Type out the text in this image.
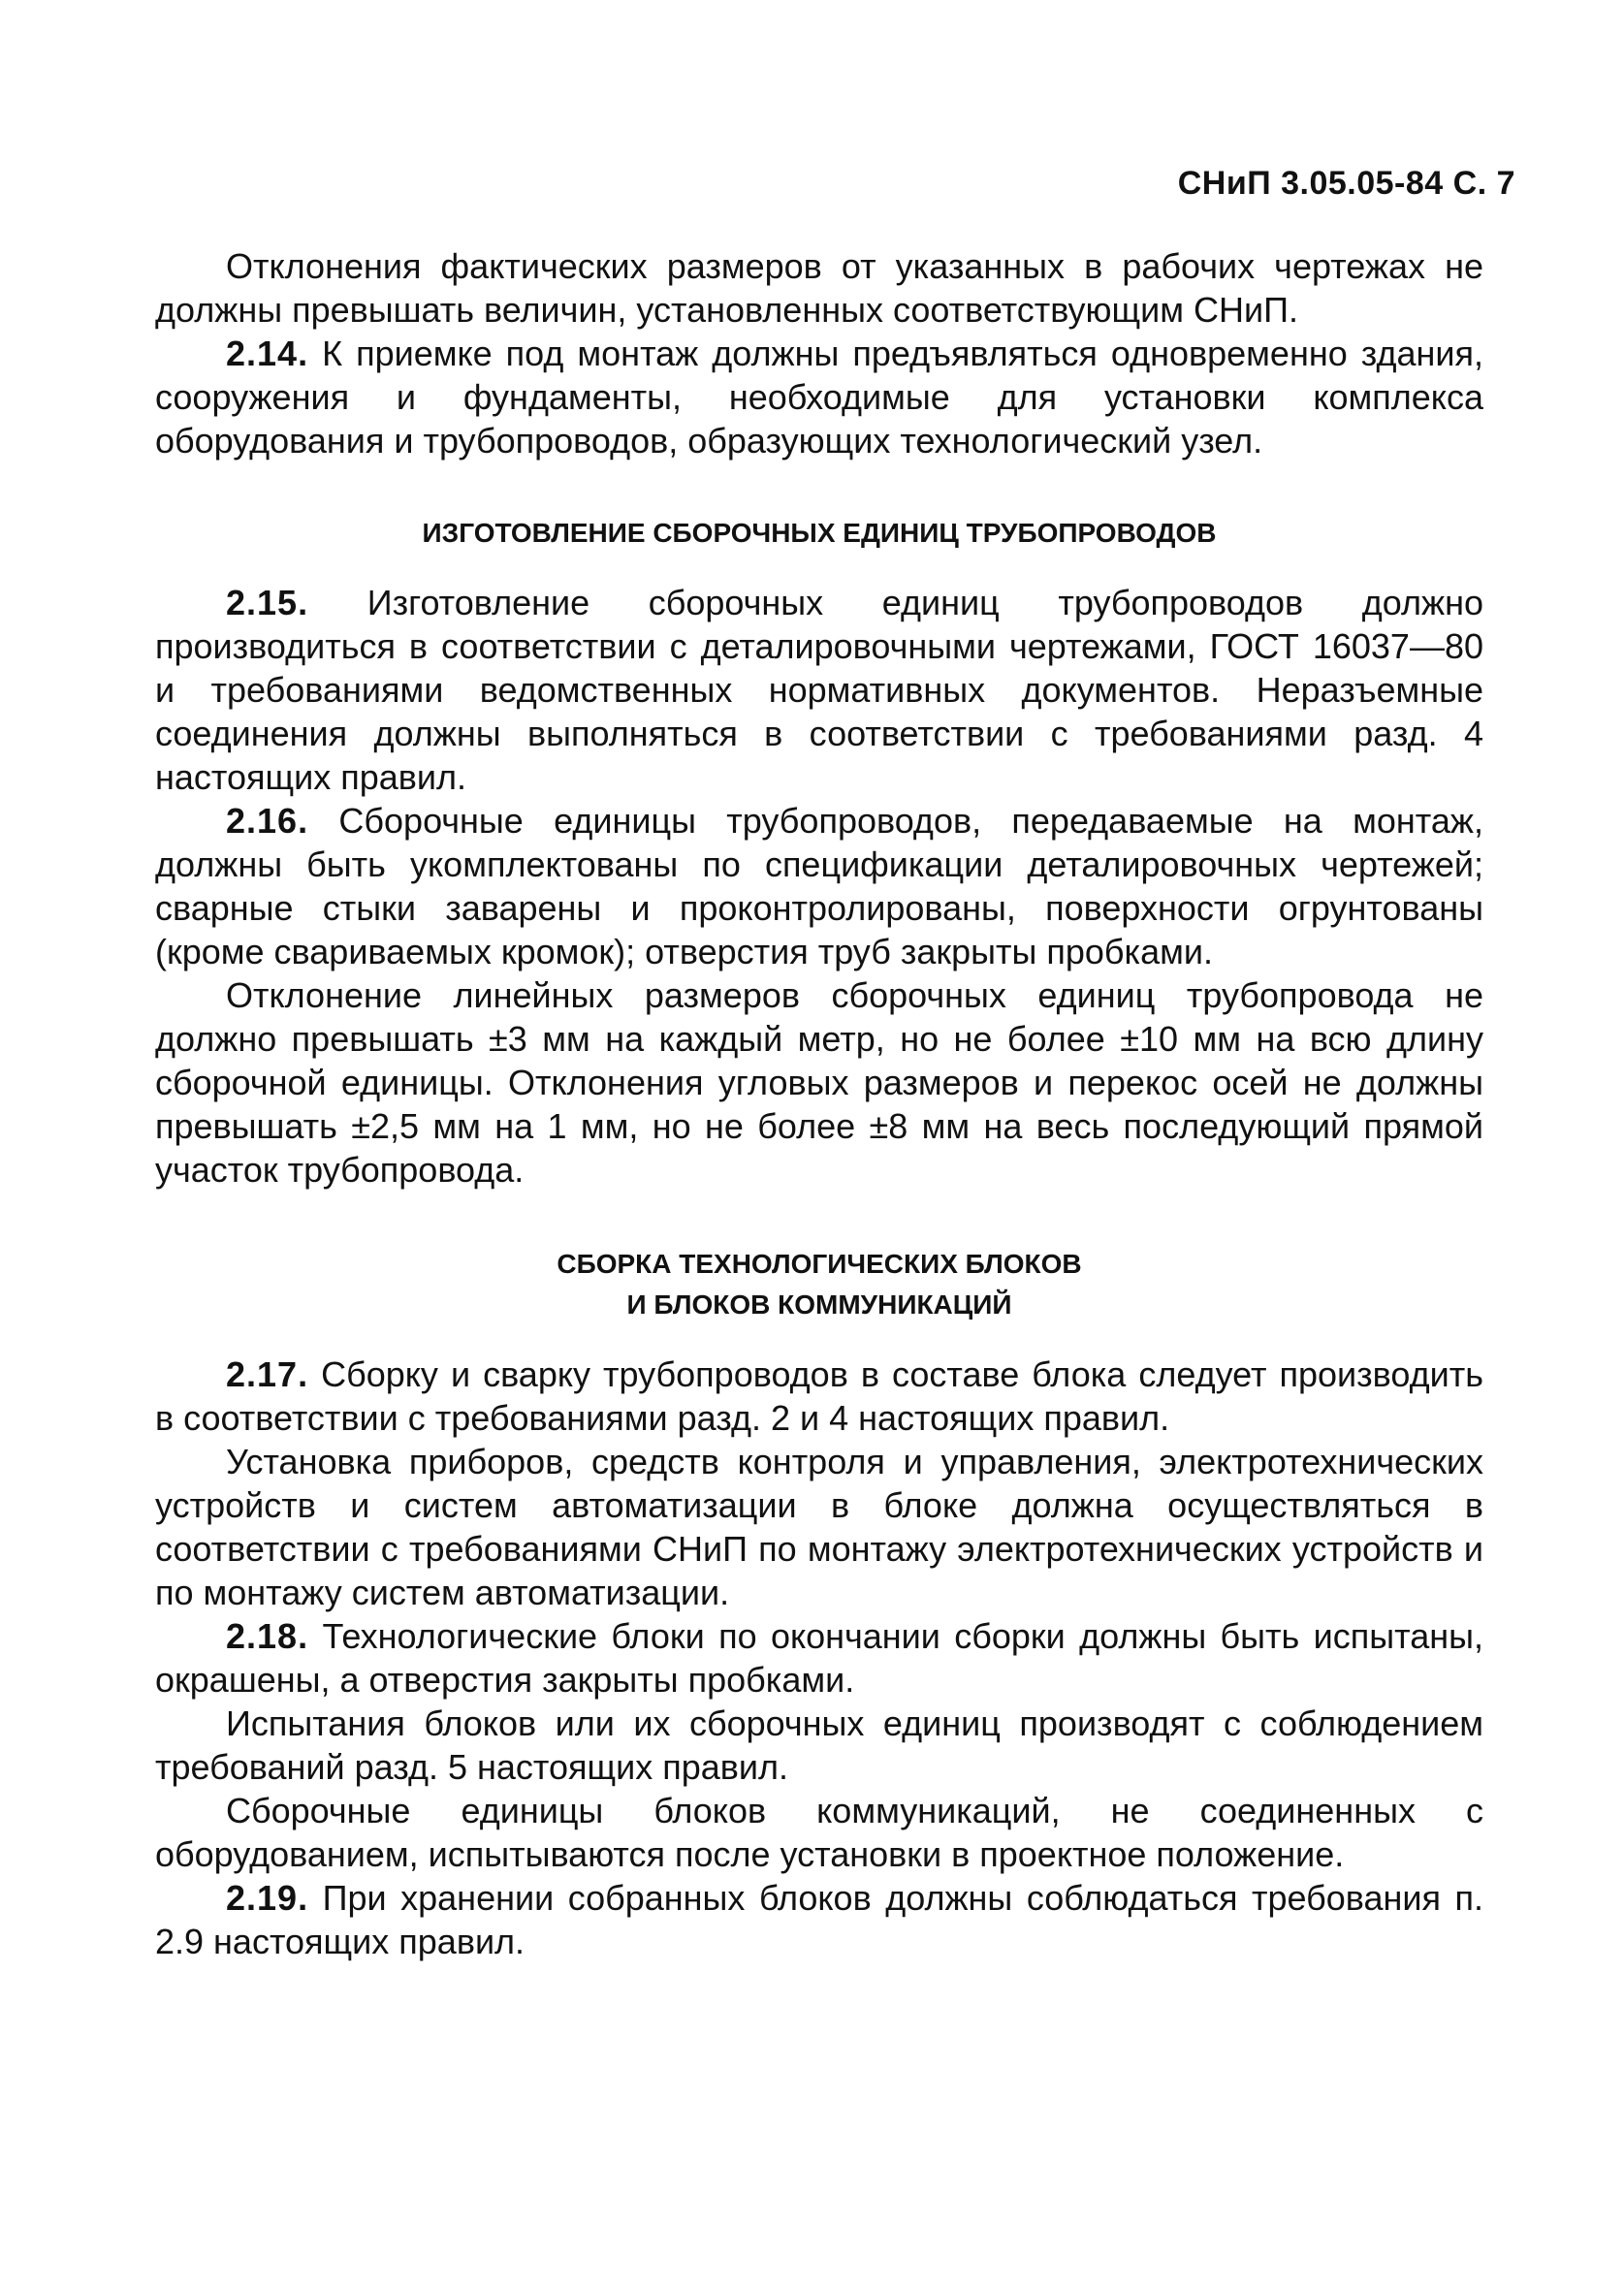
СНиП 3.05.05-84 С. 7

Отклонения фактических размеров от указанных в рабочих чертежах не должны превышать величин, установленных соответствующим СНиП.

2.14. К приемке под монтаж должны предъявляться одновременно здания, сооружения и фундаменты, необходимые для установки комплекса оборудования и трубопроводов, образующих технологический узел.

ИЗГОТОВЛЕНИЕ СБОРОЧНЫХ ЕДИНИЦ ТРУБОПРОВОДОВ

2.15. Изготовление сборочных единиц трубопроводов должно производиться в соответствии с деталировочными чертежами, ГОСТ 16037—80 и требованиями ведомственных нормативных документов. Неразъемные соединения должны выполняться в соответствии с требованиями разд. 4 настоящих правил.

2.16. Сборочные единицы трубопроводов, передаваемые на монтаж, должны быть укомплектованы по спецификации деталировочных чертежей; сварные стыки заварены и проконтролированы, поверхности огрунтованы (кроме свариваемых кромок); отверстия труб закрыты пробками.

Отклонение линейных размеров сборочных единиц трубопровода не должно превышать ±3 мм на каждый метр, но не более ±10 мм на всю длину сборочной единицы. Отклонения угловых размеров и перекос осей не должны превышать ±2,5 мм на 1 мм, но не более ±8 мм на весь последующий прямой участок трубопровода.

СБОРКА ТЕХНОЛОГИЧЕСКИХ БЛОКОВ
И БЛОКОВ КОММУНИКАЦИЙ

2.17. Сборку и сварку трубопроводов в составе блока следует производить в соответствии с требованиями разд. 2 и 4 настоящих правил.

Установка приборов, средств контроля и управления, электротехнических устройств и систем автоматизации в блоке должна осуществляться в соответствии с требованиями СНиП по монтажу электротехнических устройств и по монтажу систем автоматизации.

2.18. Технологические блоки по окончании сборки должны быть испытаны, окрашены, а отверстия закрыты пробками.

Испытания блоков или их сборочных единиц производят с соблюдением требований разд. 5 настоящих правил.

Сборочные единицы блоков коммуникаций, не соединенных с оборудованием, испытываются после установки в проектное положение.

2.19. При хранении собранных блоков должны соблюдаться требования п. 2.9 настоящих правил.
